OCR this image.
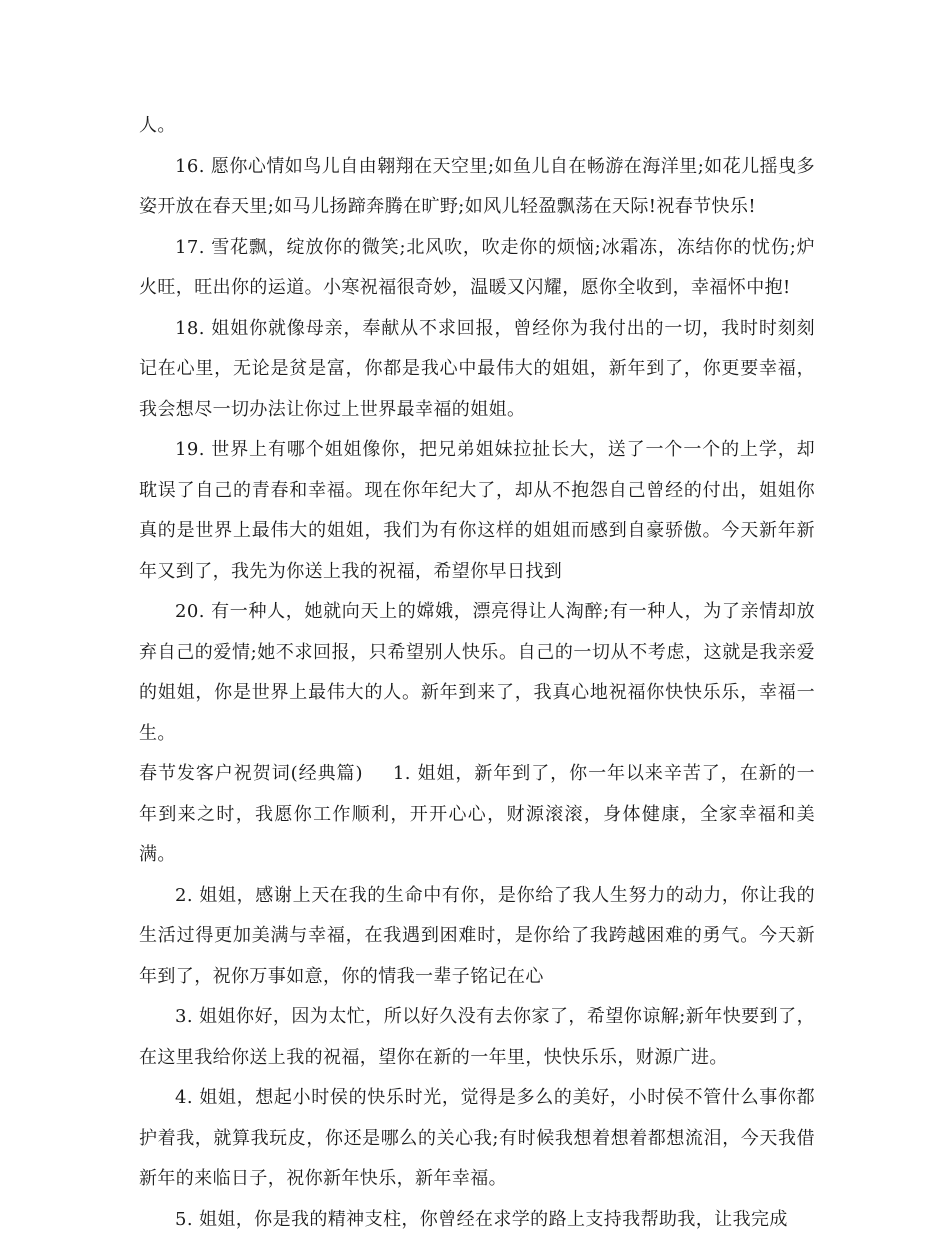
人。

16. 愿你心情如鸟儿自由翱翔在天空里;如鱼儿自在畅游在海洋里;如花儿摇曳多姿开放在春天里;如马儿扬蹄奔腾在旷野;如风儿轻盈飘荡在天际!祝春节快乐!

17. 雪花飘，绽放你的微笑;北风吹，吹走你的烦恼;冰霜冻，冻结你的忧伤;炉火旺，旺出你的运道。小寒祝福很奇妙，温暖又闪耀，愿你全收到，幸福怀中抱!

18. 姐姐你就像母亲，奉献从不求回报，曾经你为我付出的一切，我时时刻刻记在心里，无论是贫是富，你都是我心中最伟大的姐姐，新年到了，你更要幸福，我会想尽一切办法让你过上世界最幸福的姐姐。

19. 世界上有哪个姐姐像你，把兄弟姐妹拉扯长大，送了一个一个的上学，却耽误了自己的青春和幸福。现在你年纪大了，却从不抱怨自己曾经的付出，姐姐你真的是世界上最伟大的姐姐，我们为有你这样的姐姐而感到自豪骄傲。今天新年新年又到了，我先为你送上我的祝福，希望你早日找到

20. 有一种人，她就向天上的嫦娥，漂亮得让人淘醉;有一种人，为了亲情却放弃自己的爱情;她不求回报，只希望别人快乐。自己的一切从不考虑，这就是我亲爱的姐姐，你是世界上最伟大的人。新年到来了，我真心地祝福你快快乐乐，幸福一生。

春节发客户祝贺词(经典篇) 1. 姐姐，新年到了，你一年以来辛苦了，在新的一年到来之时，我愿你工作顺利，开开心心，财源滚滚，身体健康，全家幸福和美满。

2. 姐姐，感谢上天在我的生命中有你，是你给了我人生努力的动力，你让我的生活过得更加美满与幸福，在我遇到困难时，是你给了我跨越困难的勇气。今天新年到了，祝你万事如意，你的情我一辈子铭记在心

3. 姐姐你好，因为太忙，所以好久没有去你家了，希望你谅解;新年快要到了，在这里我给你送上我的祝福，望你在新的一年里，快快乐乐，财源广进。

4. 姐姐，想起小时侯的快乐时光，觉得是多么的美好，小时侯不管什么事你都护着我，就算我玩皮，你还是哪么的关心我;有时候我想着想着都想流泪，今天我借新年的来临日子，祝你新年快乐，新年幸福。

5. 姐姐，你是我的精神支柱，你曾经在求学的路上支持我帮助我，让我完成
